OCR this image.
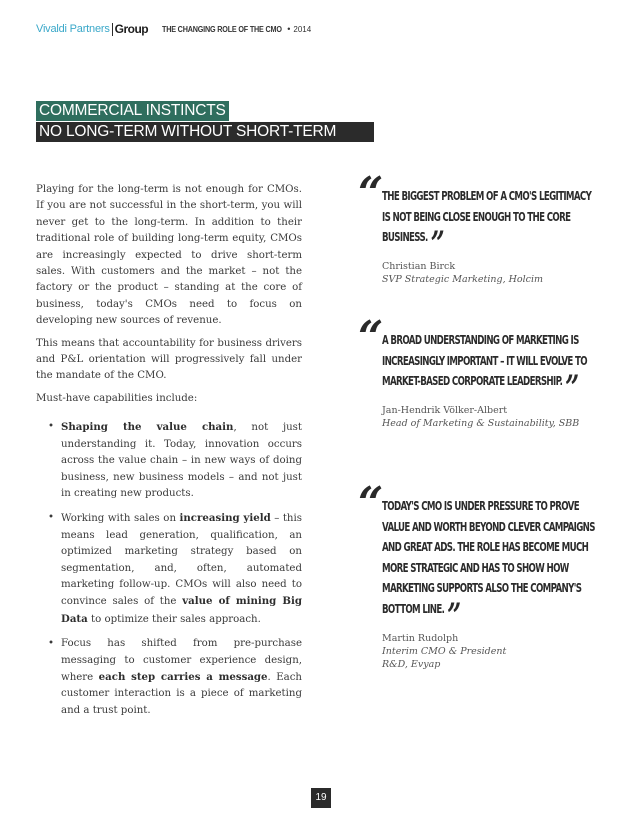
Vivaldi Partners Group THE CHANGING ROLE OF THE CMO • 2014
COMMERCIAL INSTINCTS
NO LONG-TERM WITHOUT SHORT-TERM

Playing for the long-term is not enough for CMOs. If you are not successful in the short-term, you will never get to the long-term. In addition to their traditional role of building long-term equity, CMOs are increasingly expected to drive short-term sales. With customers and the market – not the factory or the product – standing at the core of business, today's CMOs need to focus on developing new sources of revenue.

This means that accountability for business drivers and P&L orientation will progressively fall under the mandate of the CMO.

Must-have capabilities include:

• Shaping the value chain, not just understanding it. Today, innovation occurs across the value chain – in new ways of doing business, new business models – and not just in creating new products.
• Working with sales on increasing yield – this means lead generation, qualification, an optimized marketing strategy based on segmentation, and, often, automated marketing follow-up. CMOs will also need to convince sales of the value of mining Big Data to optimize their sales approach.
• Focus has shifted from pre-purchase messaging to customer experience design, where each step carries a message. Each customer interaction is a piece of marketing and a trust point.
“
THE BIGGEST PROBLEM OF A CMO'S LEGITIMACY IS NOT BEING CLOSE ENOUGH TO THE CORE BUSINESS.”
Christian Birck
SVP Strategic Marketing, Holcim
“
A BROAD UNDERSTANDING OF MARKETING IS INCREASINGLY IMPORTANT – IT WILL EVOLVE TO MARKET-BASED CORPORATE LEADERSHIP.”
Jan-Hendrik Völker-Albert
Head of Marketing & Sustainability, SBB
“
TODAY'S CMO IS UNDER PRESSURE TO PROVE VALUE AND WORTH BEYOND CLEVER CAMPAIGNS AND GREAT ADS. THE ROLE HAS BECOME MUCH MORE STRATEGIC AND HAS TO SHOW HOW MARKETING SUPPORTS ALSO THE COMPANY'S BOTTOM LINE.”
Martin Rudolph
Interim CMO & President R&D, Evyap
19
